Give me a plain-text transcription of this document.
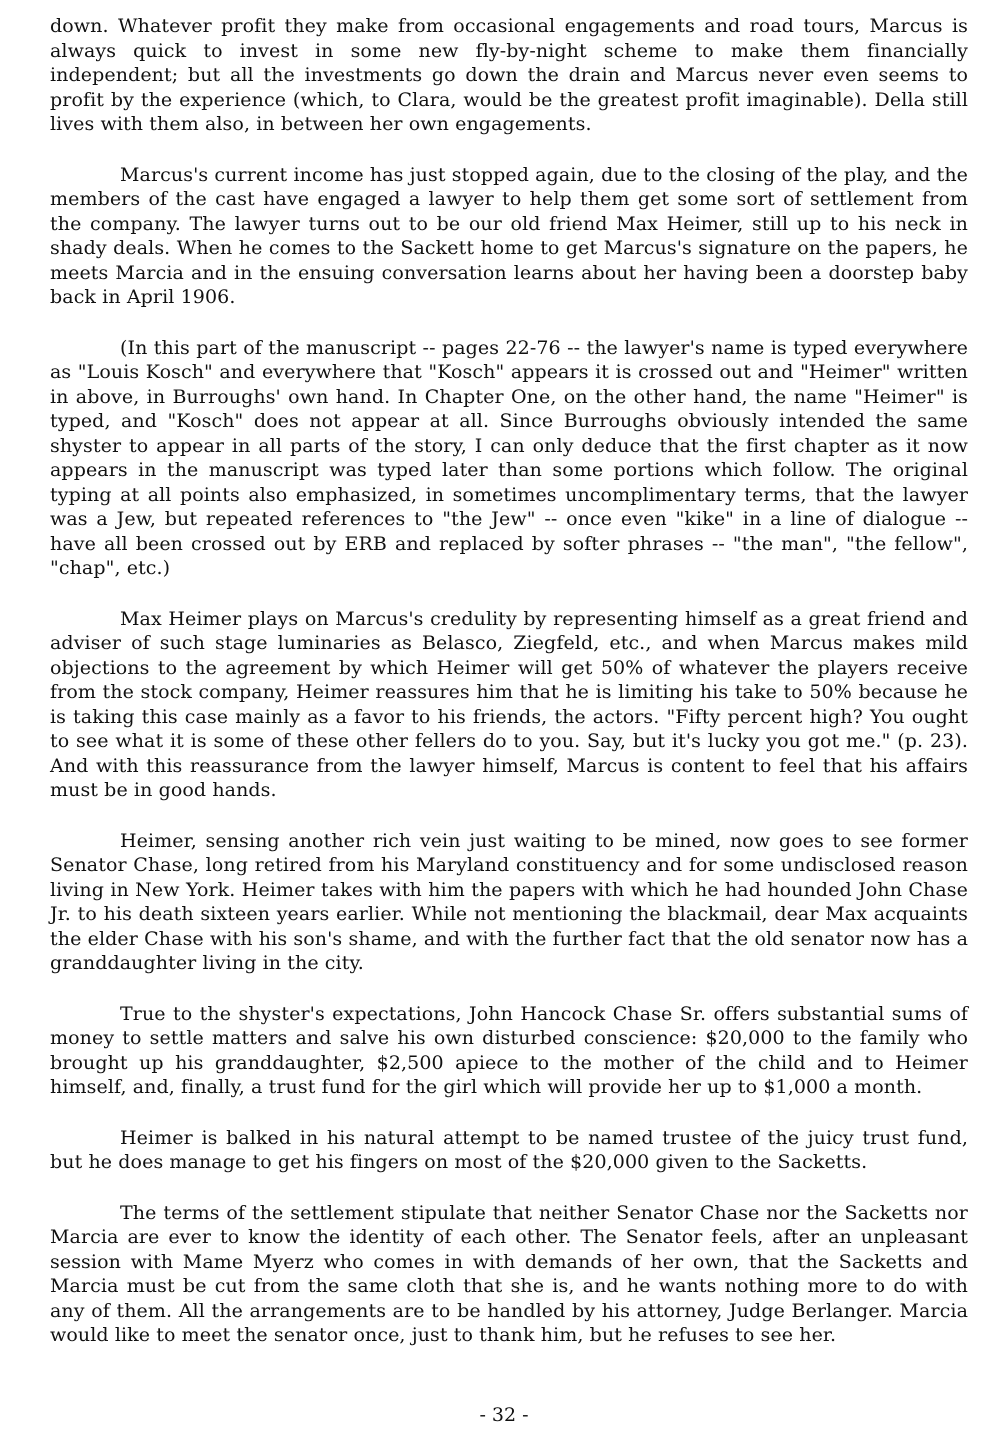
down. Whatever profit they make from occasional engagements and road tours, Marcus is always quick to invest in some new fly-by-night scheme to make them financially independent; but all the investments go down the drain and Marcus never even seems to profit by the experience (which, to Clara, would be the greatest profit imaginable). Della still lives with them also, in between her own engagements.

Marcus's current income has just stopped again, due to the closing of the play, and the members of the cast have engaged a lawyer to help them get some sort of settlement from the company. The lawyer turns out to be our old friend Max Heimer, still up to his neck in shady deals. When he comes to the Sackett home to get Marcus's signature on the papers, he meets Marcia and in the ensuing conversation learns about her having been a doorstep baby back in April 1906.

(In this part of the manuscript -- pages 22-76 -- the lawyer's name is typed everywhere as "Louis Kosch" and everywhere that "Kosch" appears it is crossed out and "Heimer" written in above, in Burroughs' own hand. In Chapter One, on the other hand, the name "Heimer" is typed, and "Kosch" does not appear at all. Since Burroughs obviously intended the same shyster to appear in all parts of the story, I can only deduce that the first chapter as it now appears in the manuscript was typed later than some portions which follow. The original typing at all points also emphasized, in sometimes uncomplimentary terms, that the lawyer was a Jew, but repeated references to "the Jew" -- once even "kike" in a line of dialogue -- have all been crossed out by ERB and replaced by softer phrases -- "the man", "the fellow", "chap", etc.)

Max Heimer plays on Marcus's credulity by representing himself as a great friend and adviser of such stage luminaries as Belasco, Ziegfeld, etc., and when Marcus makes mild objections to the agreement by which Heimer will get 50% of whatever the players receive from the stock company, Heimer reassures him that he is limiting his take to 50% because he is taking this case mainly as a favor to his friends, the actors. "Fifty percent high? You ought to see what it is some of these other fellers do to you. Say, but it's lucky you got me." (p. 23). And with this reassurance from the lawyer himself, Marcus is content to feel that his affairs must be in good hands.

Heimer, sensing another rich vein just waiting to be mined, now goes to see former Senator Chase, long retired from his Maryland constituency and for some undisclosed reason living in New York. Heimer takes with him the papers with which he had hounded John Chase Jr. to his death sixteen years earlier. While not mentioning the blackmail, dear Max acquaints the elder Chase with his son's shame, and with the further fact that the old senator now has a granddaughter living in the city.

True to the shyster's expectations, John Hancock Chase Sr. offers substantial sums of money to settle matters and salve his own disturbed conscience: $20,000 to the family who brought up his granddaughter, $2,500 apiece to the mother of the child and to Heimer himself, and, finally, a trust fund for the girl which will provide her up to $1,000 a month.

Heimer is balked in his natural attempt to be named trustee of the juicy trust fund, but he does manage to get his fingers on most of the $20,000 given to the Sacketts.

The terms of the settlement stipulate that neither Senator Chase nor the Sacketts nor Marcia are ever to know the identity of each other. The Senator feels, after an unpleasant session with Mame Myerz who comes in with demands of her own, that the Sacketts and Marcia must be cut from the same cloth that she is, and he wants nothing more to do with any of them. All the arrangements are to be handled by his attorney, Judge Berlanger. Marcia would like to meet the senator once, just to thank him, but he refuses to see her.

- 32 -
